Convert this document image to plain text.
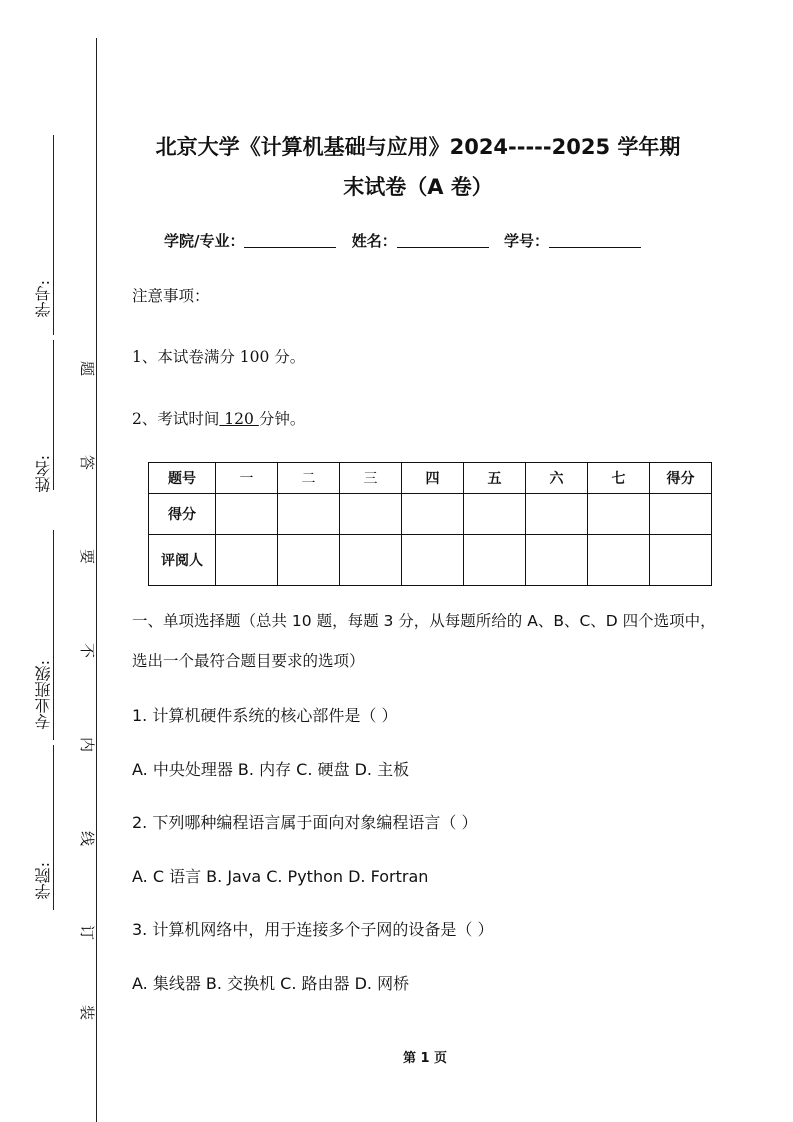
学号:
姓名:
专业班级:
学院:
题
答
要
不
内
线
订
装
北京大学《计算机基础与应用》2024-----2025 学年期
末试卷（A 卷）
学院/专业：	姓名：	学号：
注意事项：
1、本试卷满分 100 分。
2、考试时间 120 分钟。
题号	一	二	三	四	五	六	七	得分
得分								
评阅人								
一、单项选择题（总共 10 题，每题 3 分，从每题所给的 A、B、C、D 四个选项中，选出一个最符合题目要求的选项）
1. 计算机硬件系统的核心部件是（ ）
A. 中央处理器 B. 内存 C. 硬盘 D. 主板
2. 下列哪种编程语言属于面向对象编程语言（ ）
A. C 语言 B. Java C. Python D. Fortran
3. 计算机网络中，用于连接多个子网的设备是（ ）
A. 集线器 B. 交换机 C. 路由器 D. 网桥
第 1 页
